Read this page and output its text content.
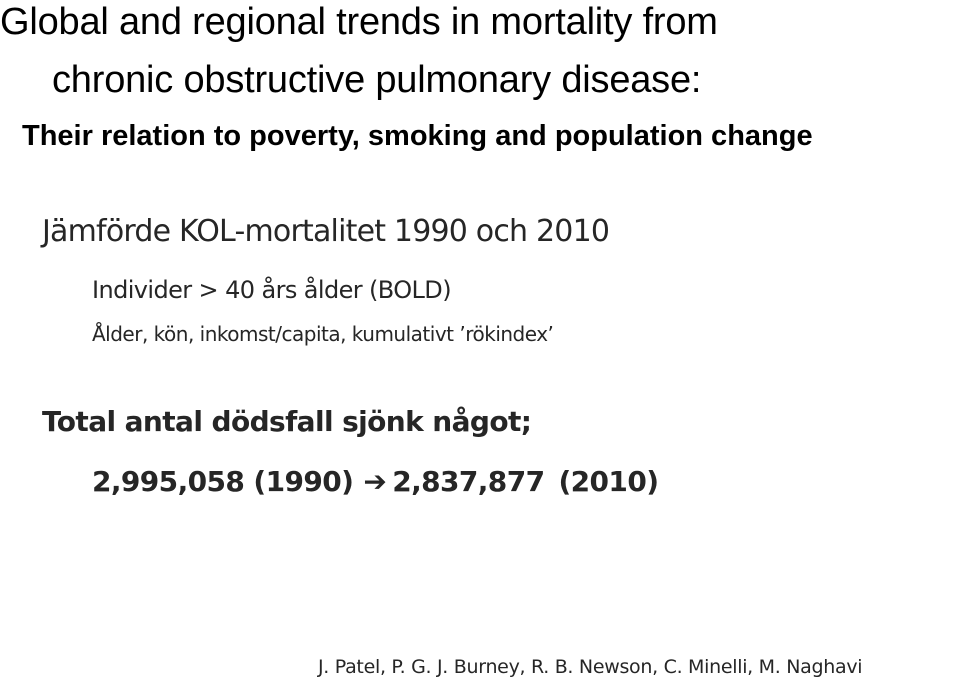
Global and regional trends in mortality from
chronic obstructive pulmonary disease:
Their relation to poverty, smoking and population change

Jämförde KOL-mortalitet 1990 och 2010

Individer > 40 års ålder (BOLD)

Ålder, kön, inkomst/capita, kumulativt ’rökindex’

Total antal dödsfall sjönk något;

2,995,058 (1990) ➔ 2,837,877 (2010)

J. Patel, P. G. J. Burney, R. B. Newson, C. Minelli, M. Naghavi
